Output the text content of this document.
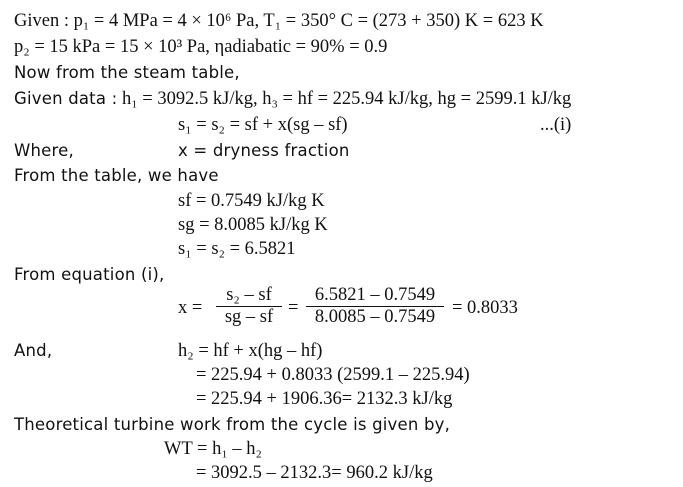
Given : p₁ = 4 MPa = 4 × 10⁶ Pa, T₁ = 350° C = (273 + 350) K = 623 K
p₂ = 15 kPa = 15 × 10³ Pa, ηadiabatic = 90% = 0.9
Now from the steam table,
Given data : h₁ = 3092.5 kJ/kg, h₃ = hf = 225.94 kJ/kg, hg = 2599.1 kJ/kg
s₁ = s₂ = sf + x(sg – sf)	...(i)
Where,	x = dryness fraction
From the table, we have
sf = 0.7549 kJ/kg K
sg = 8.0085 kJ/kg K
s₁ = s₂ = 6.5821
From equation (i),
x =
s₂ – sf
sg – sf =
6.5821 – 0.7549
8.0085 – 0.7549 = 0.8033
And,	h₂ = hf + x(hg – hf)
= 225.94 + 0.8033 (2599.1 – 225.94)
= 225.94 + 1906.36= 2132.3 kJ/kg
Theoretical turbine work from the cycle is given by,
WT = h₁ – h₂
= 3092.5 – 2132.3= 960.2 kJ/kg
